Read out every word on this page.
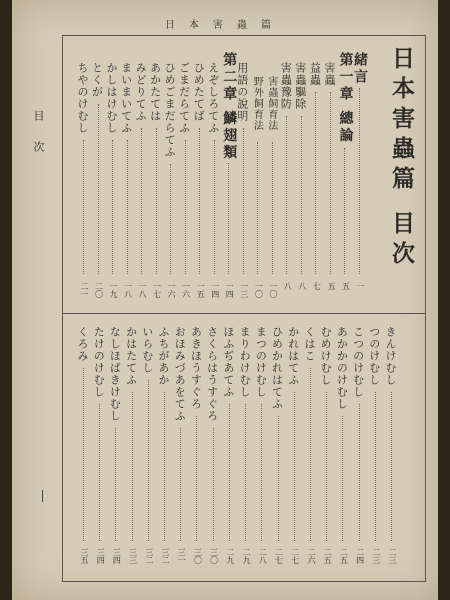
日本害蟲篇
日本害蟲篇 目次
緒言
一
第一章 總論
五
害蟲
五
益蟲
七
害蟲驅除
八
害蟲豫防
八
害蟲飼育法
一〇
野外飼育法
一〇
用語の說明
一三
第二章 鱗翅類
一四
えぞしろてふ
一四
ひめたてば
一五
ごまだらてふ
一六
ひめごまだらてふ
一六
あかたては
一七
みどりてふ
一八
まいまいてふ
一八
かしはけむし
一九
とくが
二〇
ちやのけむし
二一
きんけむし
二三
つのけむし
二三
こつのけむし
二四
あかかのけむし
二五
むめけむし
二五
くはこ
二六
かれはてふ
二七
ひめかれはてふ
二七
まつのけむし
二八
まりわけむし
二九
ほふぢあてふ
二九
さくらはうすぐろ
三〇
あきほうすぐろ
三〇
おほみづあをてふ
三一
ふちがあか
三二
いらむし
三二
かはたてふ
三三
なしほばきけむし
三四
たけのけむし
三四
くろみ
三五
目次
